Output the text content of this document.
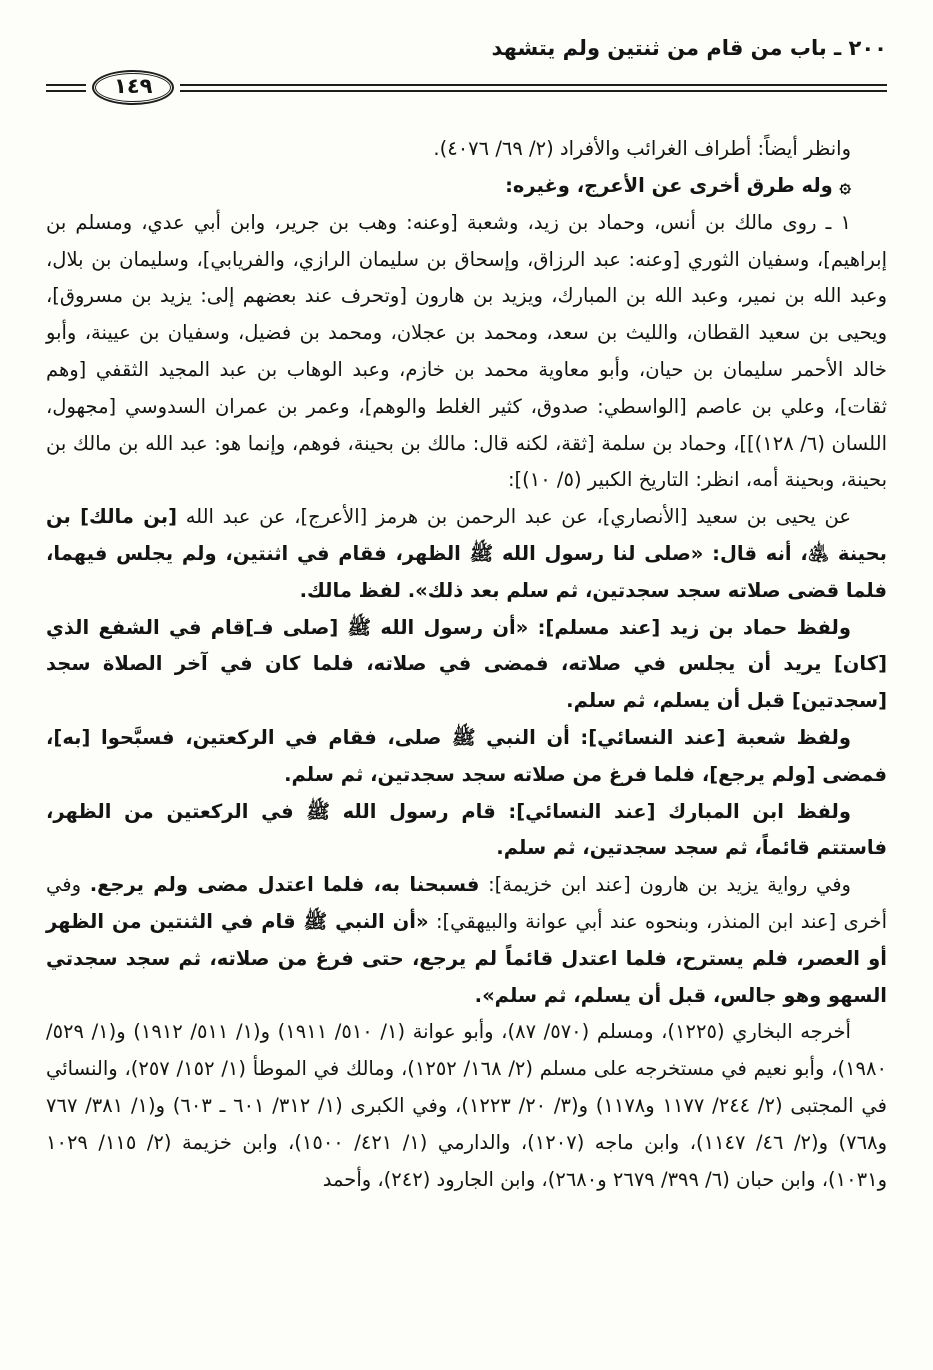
٢٠٠ ـ باب من قام من ثنتين ولم يتشهد
١٤٩

وانظر أيضاً: أطراف الغرائب والأفراد (٢/ ٦٩/ ٤٠٧٦).

۞ وله طرق أخرى عن الأعرج، وغيره:

١ ـ روى مالك بن أنس، وحماد بن زيد، وشعبة [وعنه: وهب بن جرير، وابن أبي عدي، ومسلم بن إبراهيم]، وسفيان الثوري [وعنه: عبد الرزاق، وإسحاق بن سليمان الرازي، والفريابي]، وسليمان بن بلال، وعبد الله بن نمير، وعبد الله بن المبارك، ويزيد بن هارون [وتحرف عند بعضهم إلى: يزيد بن مسروق]، ويحيى بن سعيد القطان، والليث بن سعد، ومحمد بن عجلان، ومحمد بن فضيل، وسفيان بن عيينة، وأبو خالد الأحمر سليمان بن حيان، وأبو معاوية محمد بن خازم، وعبد الوهاب بن عبد المجيد الثقفي [وهم ثقات]، وعلي بن عاصم [الواسطي: صدوق، كثير الغلط والوهم]، وعمر بن عمران السدوسي [مجهول، اللسان (٦/ ١٢٨)]]، وحماد بن سلمة [ثقة، لكنه قال: مالك بن بحينة، فوهم، وإنما هو: عبد الله بن مالك بن بحينة، وبحينة أمه، انظر: التاريخ الكبير (٥/ ١٠)]:

عن يحيى بن سعيد [الأنصاري]، عن عبد الرحمن بن هرمز [الأعرج]، عن عبد الله [بن مالك] بن بحينة ﵁، أنه قال: «صلى لنا رسول الله ﷺ الظهر، فقام في اثنتين، ولم يجلس فيهما، فلما قضى صلاته سجد سجدتين، ثم سلم بعد ذلك». لفظ مالك.

ولفظ حماد بن زيد [عند مسلم]: «أن رسول الله ﷺ [صلى فـ]قام في الشفع الذي [كان] يريد أن يجلس في صلاته، فمضى في صلاته، فلما كان في آخر الصلاة سجد [سجدتين] قبل أن يسلم، ثم سلم.

ولفظ شعبة [عند النسائي]: أن النبي ﷺ صلى، فقام في الركعتين، فسبَّحوا [به]، فمضى [ولم يرجع]، فلما فرغ من صلاته سجد سجدتين، ثم سلم.

ولفظ ابن المبارك [عند النسائي]: قام رسول الله ﷺ في الركعتين من الظهر، فاستتم قائماً، ثم سجد سجدتين، ثم سلم.

وفي رواية يزيد بن هارون [عند ابن خزيمة]: فسبحنا به، فلما اعتدل مضى ولم يرجع. وفي أخرى [عند ابن المنذر، وبنحوه عند أبي عوانة والبيهقي]: «أن النبي ﷺ قام في الثنتين من الظهر أو العصر، فلم يسترح، فلما اعتدل قائماً لم يرجع، حتى فرغ من صلاته، ثم سجد سجدتي السهو وهو جالس، قبل أن يسلم، ثم سلم».

أخرجه البخاري (١٢٢٥)، ومسلم (٥٧٠/ ٨٧)، وأبو عوانة (١/ ٥١٠/ ١٩١١) و(١/ ٥١١/ ١٩١٢) و(١/ ٥٢٩/ ١٩٨٠)، وأبو نعيم في مستخرجه على مسلم (٢/ ١٦٨/ ١٢٥٢)، ومالك في الموطأ (١/ ١٥٢/ ٢٥٧)، والنسائي في المجتبى (٢/ ٢٤٤/ ١١٧٧ و١١٧٨) و(٣/ ٢٠/ ١٢٢٣)، وفي الكبرى (١/ ٣١٢/ ٦٠١ ـ ٦٠٣) و(١/ ٣٨١/ ٧٦٧ و٧٦٨) و(٢/ ٤٦/ ١١٤٧)، وابن ماجه (١٢٠٧)، والدارمي (١/ ٤٢١/ ١٥٠٠)، وابن خزيمة (٢/ ١١٥/ ١٠٢٩ و١٠٣١)، وابن حبان (٦/ ٣٩٩/ ٢٦٧٩ و٢٦٨٠)، وابن الجارود (٢٤٢)، وأحمد
